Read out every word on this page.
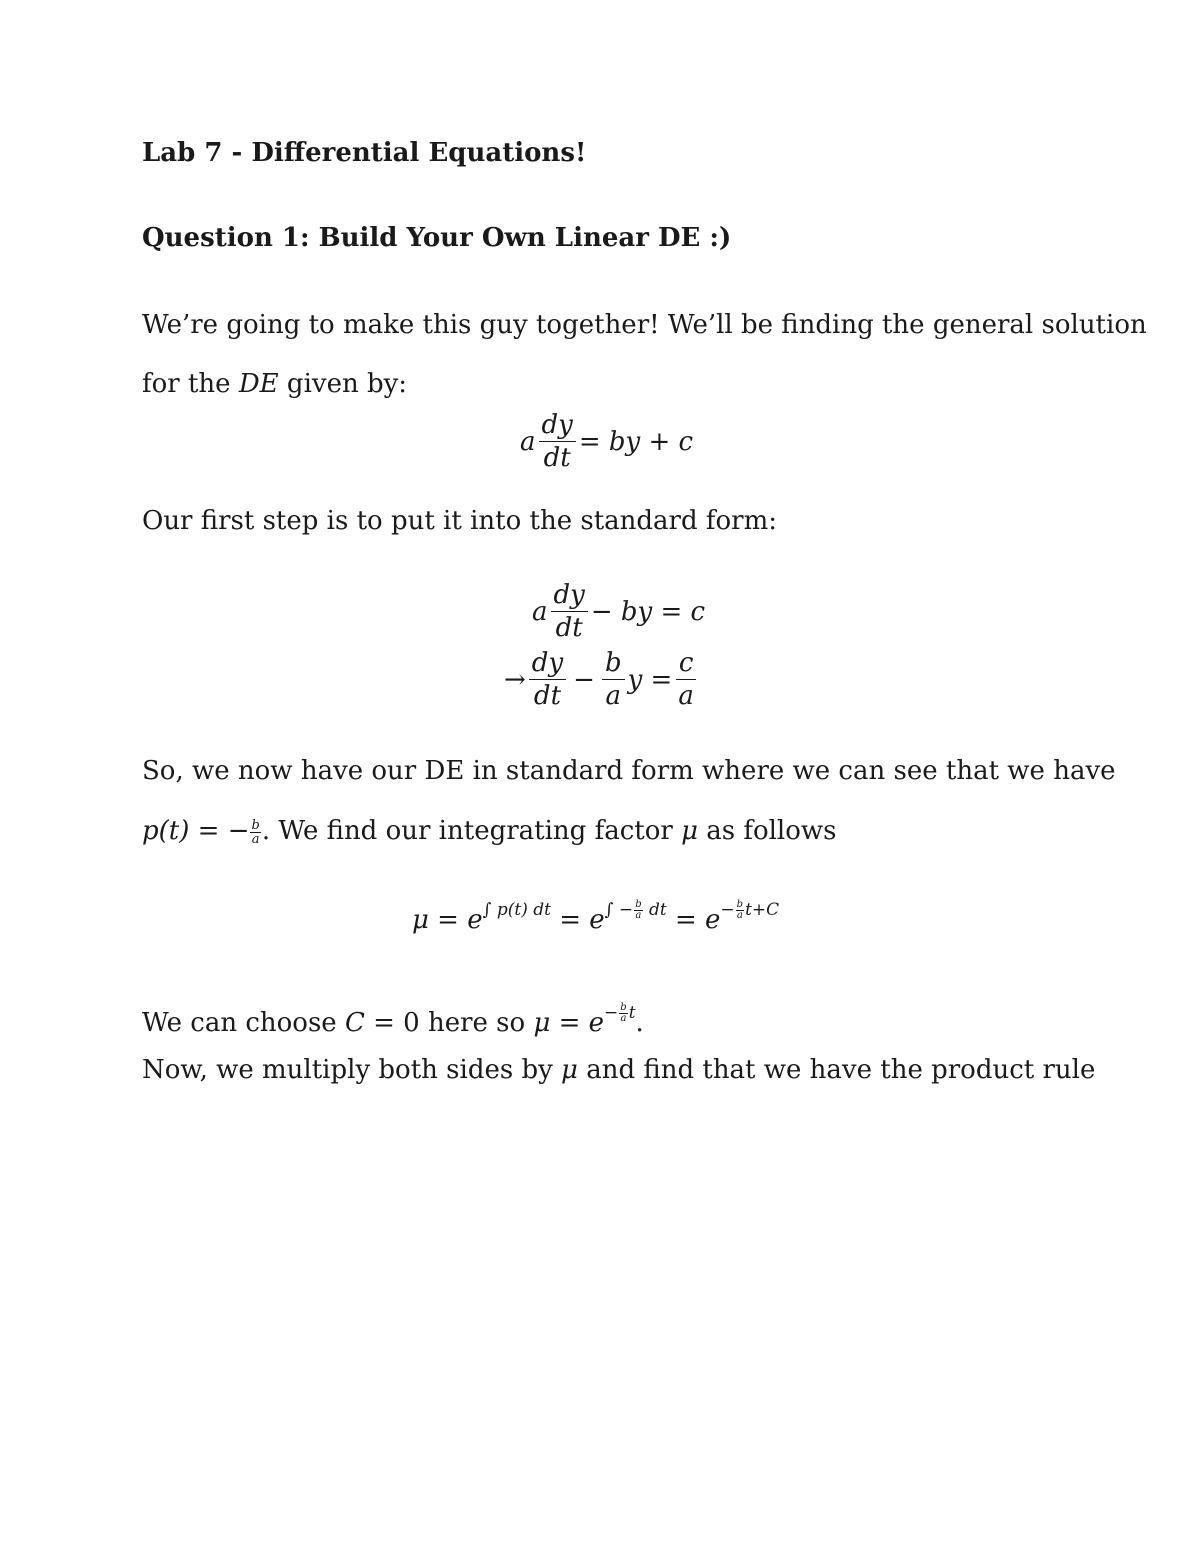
Lab 7 - Differential Equations!
Question 1: Build Your Own Linear DE :)
We’re going to make this guy together! We’ll be finding the general solution
for the DE given by:
a $\frac{dy}{dt}$ = by + c
Our first step is to put it into the standard form:
a $\frac{dy}{dt}$ − by = c
→ $\frac{dy}{dt} - \frac{b}{a}$ $y = \frac{c}{a}$
So, we now have our DE in standard form where we can see that we have
p(t) = − $\frac{b}{a}$ . We find our integrating factor μ as follows
$\mu = e^{\int p(t) dt} = e^{\int - \frac{b}{a} dt} = e^{- \frac{b}{a} t+C}$
We can choose C = 0 here so $\mu = e^{- \frac{b}{a} t}$.
Now, we multiply both sides by μ and find that we have the product rule
